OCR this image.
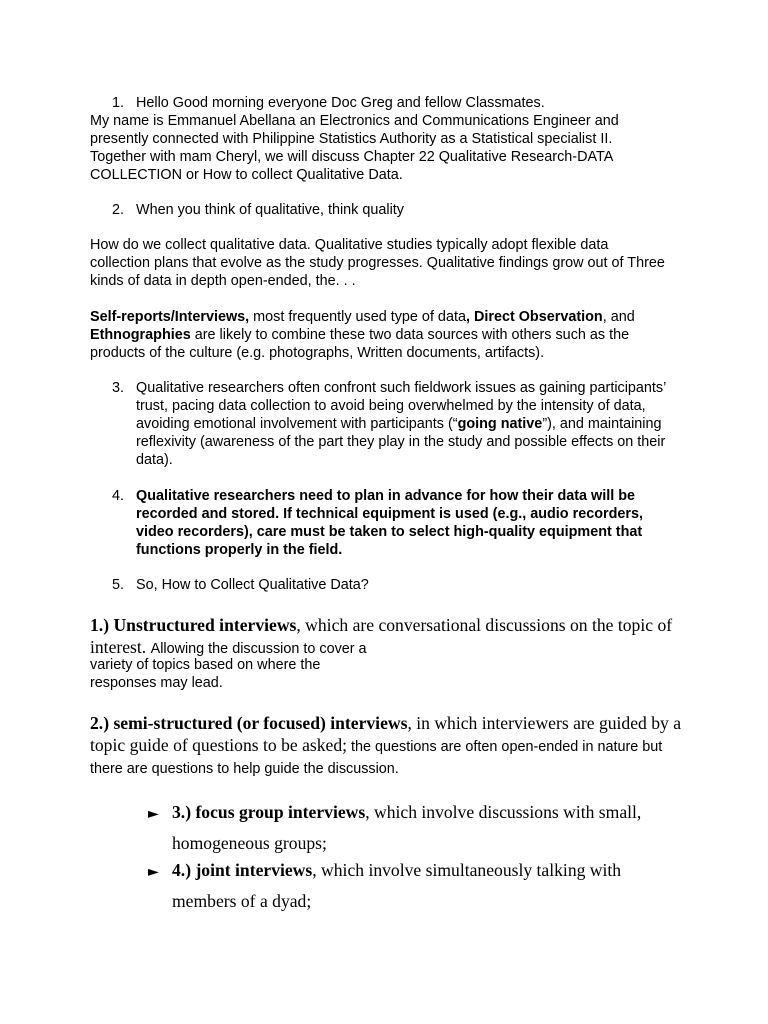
1. Hello Good morning everyone Doc Greg and fellow Classmates.

My name is Emmanuel Abellana an Electronics and Communications Engineer and presently connected with Philippine Statistics Authority as a Statistical specialist II. Together with mam Cheryl, we will discuss Chapter 22 Qualitative Research-DATA COLLECTION or How to collect Qualitative Data.

2. When you think of qualitative, think quality

How do we collect qualitative data. Qualitative studies typically adopt flexible data collection plans that evolve as the study progresses. Qualitative findings grow out of Three kinds of data in depth open-ended, the. . .

Self-reports/Interviews, most frequently used type of data, Direct Observation, and Ethnographies are likely to combine these two data sources with others such as the products of the culture (e.g. photographs, Written documents, artifacts).

3. Qualitative researchers often confront such fieldwork issues as gaining participants’ trust, pacing data collection to avoid being overwhelmed by the intensity of data, avoiding emotional involvement with participants (“going native”), and maintaining reflexivity (awareness of the part they play in the study and possible effects on their data).

4. Qualitative researchers need to plan in advance for how their data will be recorded and stored. If technical equipment is used (e.g., audio recorders, video recorders), care must be taken to select high-quality equipment that functions properly in the field.

5. So, How to Collect Qualitative Data?

1.) Unstructured interviews, which are conversational discussions on the topic of interest. Allowing the discussion to cover a

variety of topics based on where the

responses may lead.

2.) semi-structured (or focused) interviews, in which interviewers are guided by a topic guide of questions to be asked; the questions are often open-ended in nature but there are questions to help guide the discussion.

► 3.) focus group interviews, which involve discussions with small,
homogeneous groups;
► 4.) joint interviews, which involve simultaneously talking with
members of a dyad;
